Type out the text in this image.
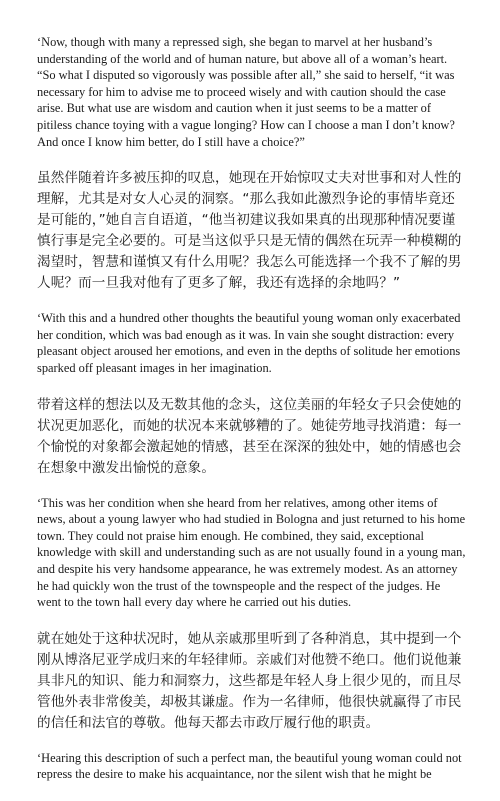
‘Now, though with many a repressed sigh, she began to marvel at her husband’s understanding of the world and of human nature, but above all of a woman’s heart. “So what I disputed so vigorously was possible after all,” she said to herself, “it was necessary for him to advise me to proceed wisely and with caution should the case arise. But what use are wisdom and caution when it just seems to be a matter of pitiless chance toying with a vague longing? How can I choose a man I don’t know? And once I know him better, do I still have a choice?”

虽然伴随着许多被压抑的叹息，她现在开始惊叹丈夫对世事和对人性的理解，尤其是对女人心灵的洞察。“那么我如此激烈争论的事情毕竟还是可能的，”她自言自语道，“他当初建议我如果真的出现那种情况要谨慎行事是完全必要的。可是当这似乎只是无情的偶然在玩弄一种模糊的渴望时，智慧和谨慎又有什么用呢？我怎么可能选择一个我不了解的男人呢？而一旦我对他有了更多了解，我还有选择的余地吗？”

‘With this and a hundred other thoughts the beautiful young woman only exacerbated her condition, which was bad enough as it was. In vain she sought distraction: every pleasant object aroused her emotions, and even in the depths of solitude her emotions sparked off pleasant images in her imagination.

带着这样的想法以及无数其他的念头，这位美丽的年轻女子只会使她的状况更加恶化，而她的状况本来就够糟的了。她徒劳地寻找消遣：每一个愉悦的对象都会激起她的情感，甚至在深深的独处中，她的情感也会在想象中激发出愉悦的意象。

‘This was her condition when she heard from her relatives, among other items of news, about a young lawyer who had studied in Bologna and just returned to his home town. They could not praise him enough. He combined, they said, exceptional knowledge with skill and understanding such as are not usually found in a young man, and despite his very handsome appearance, he was extremely modest. As an attorney he had quickly won the trust of the townspeople and the respect of the judges. He went to the town hall every day where he carried out his duties.

就在她处于这种状况时，她从亲戚那里听到了各种消息，其中提到一个刚从博洛尼亚学成归来的年轻律师。亲戚们对他赞不绝口。他们说他兼具非凡的知识、能力和洞察力，这些都是年轻人身上很少见的，而且尽管他外表非常俊美，却极其谦虚。作为一名律师，他很快就赢得了市民的信任和法官的尊敬。他每天都去市政厅履行他的职责。

‘Hearing this description of such a perfect man, the beautiful young woman could not repress the desire to make his acquaintance, nor the silent wish that he might be
